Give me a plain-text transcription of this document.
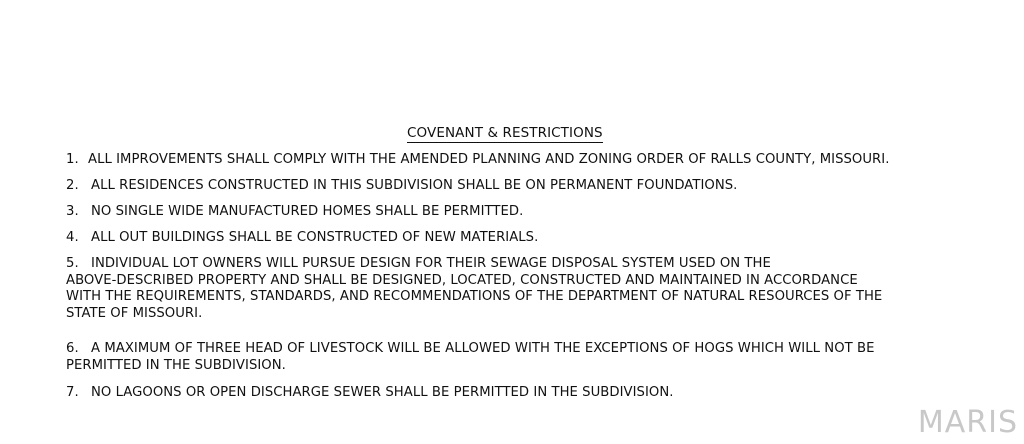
COVENANT & RESTRICTIONS
1. ALL IMPROVEMENTS SHALL COMPLY WITH THE AMENDED PLANNING AND ZONING ORDER OF RALLS COUNTY, MISSOURI.
2. ALL RESIDENCES CONSTRUCTED IN THIS SUBDIVISION SHALL BE ON PERMANENT FOUNDATIONS.
3. NO SINGLE WIDE MANUFACTURED HOMES SHALL BE PERMITTED.
4. ALL OUT BUILDINGS SHALL BE CONSTRUCTED OF NEW MATERIALS.
5. INDIVIDUAL LOT OWNERS WILL PURSUE DESIGN FOR THEIR SEWAGE DISPOSAL SYSTEM USED ON THE
ABOVE-DESCRIBED PROPERTY AND SHALL BE DESIGNED, LOCATED, CONSTRUCTED AND MAINTAINED IN ACCORDANCE
WITH THE REQUIREMENTS, STANDARDS, AND RECOMMENDATIONS OF THE DEPARTMENT OF NATURAL RESOURCES OF THE
STATE OF MISSOURI.
6. A MAXIMUM OF THREE HEAD OF LIVESTOCK WILL BE ALLOWED WITH THE EXCEPTIONS OF HOGS WHICH WILL NOT BE
PERMITTED IN THE SUBDIVISION.
7. NO LAGOONS OR OPEN DISCHARGE SEWER SHALL BE PERMITTED IN THE SUBDIVISION.
MARIS
